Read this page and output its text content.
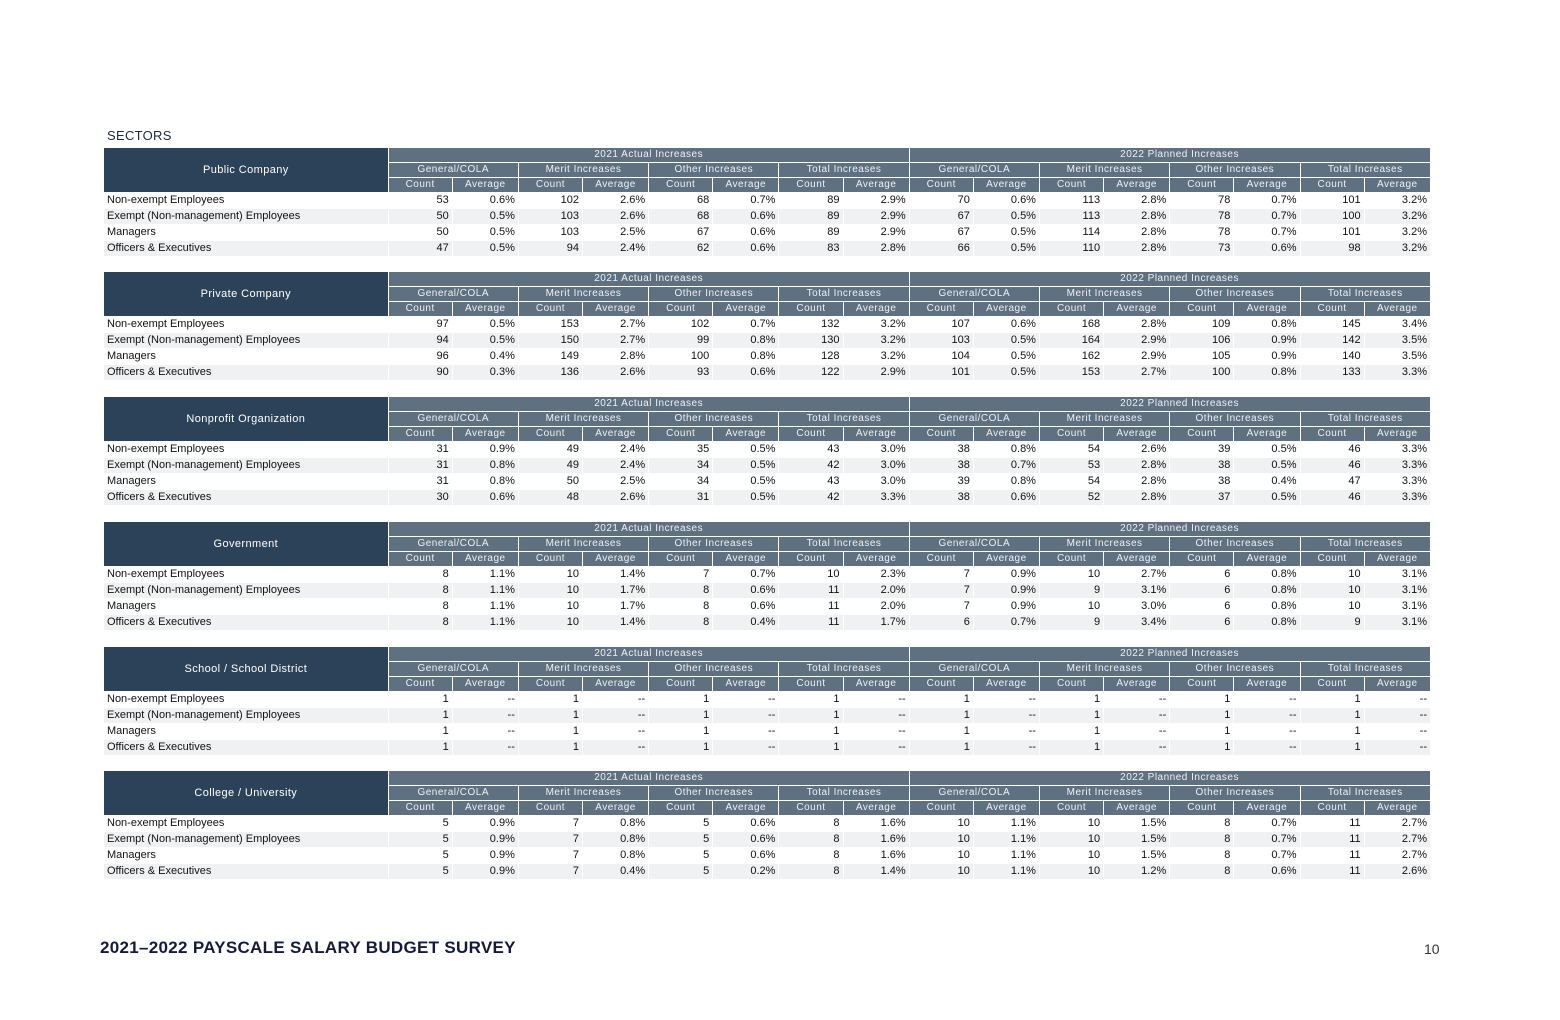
SECTORS
Public Company	2021 Actual Increases								2022 Planned Increases							
	General/COLA		Merit Increases		Other Increases		Total Increases		General/COLA		Merit Increases		Other Increases		Total Increases	
	Count	Average	Count	Average	Count	Average	Count	Average	Count	Average	Count	Average	Count	Average	Count	Average
Non-exempt Employees	53	0.6%	102	2.6%	68	0.7%	89	2.9%	70	0.6%	113	2.8%	78	0.7%	101	3.2%
Exempt (Non-management) Employees	50	0.5%	103	2.6%	68	0.6%	89	2.9%	67	0.5%	113	2.8%	78	0.7%	100	3.2%
Managers	50	0.5%	103	2.5%	67	0.6%	89	2.9%	67	0.5%	114	2.8%	78	0.7%	101	3.2%
Officers & Executives	47	0.5%	94	2.4%	62	0.6%	83	2.8%	66	0.5%	110	2.8%	73	0.6%	98	3.2%
Private Company	2021 Actual Increases								2022 Planned Increases							
	General/COLA		Merit Increases		Other Increases		Total Increases		General/COLA		Merit Increases		Other Increases		Total Increases	
	Count	Average	Count	Average	Count	Average	Count	Average	Count	Average	Count	Average	Count	Average	Count	Average
Non-exempt Employees	97	0.5%	153	2.7%	102	0.7%	132	3.2%	107	0.6%	168	2.8%	109	0.8%	145	3.4%
Exempt (Non-management) Employees	94	0.5%	150	2.7%	99	0.8%	130	3.2%	103	0.5%	164	2.9%	106	0.9%	142	3.5%
Managers	96	0.4%	149	2.8%	100	0.8%	128	3.2%	104	0.5%	162	2.9%	105	0.9%	140	3.5%
Officers & Executives	90	0.3%	136	2.6%	93	0.6%	122	2.9%	101	0.5%	153	2.7%	100	0.8%	133	3.3%
Nonprofit Organization	2021 Actual Increases								2022 Planned Increases							
	General/COLA		Merit Increases		Other Increases		Total Increases		General/COLA		Merit Increases		Other Increases		Total Increases	
	Count	Average	Count	Average	Count	Average	Count	Average	Count	Average	Count	Average	Count	Average	Count	Average
Non-exempt Employees	31	0.9%	49	2.4%	35	0.5%	43	3.0%	38	0.8%	54	2.6%	39	0.5%	46	3.3%
Exempt (Non-management) Employees	31	0.8%	49	2.4%	34	0.5%	42	3.0%	38	0.7%	53	2.8%	38	0.5%	46	3.3%
Managers	31	0.8%	50	2.5%	34	0.5%	43	3.0%	39	0.8%	54	2.8%	38	0.4%	47	3.3%
Officers & Executives	30	0.6%	48	2.6%	31	0.5%	42	3.3%	38	0.6%	52	2.8%	37	0.5%	46	3.3%
Government	2021 Actual Increases								2022 Planned Increases							
	General/COLA		Merit Increases		Other Increases		Total Increases		General/COLA		Merit Increases		Other Increases		Total Increases	
	Count	Average	Count	Average	Count	Average	Count	Average	Count	Average	Count	Average	Count	Average	Count	Average
Non-exempt Employees	8	1.1%	10	1.4%	7	0.7%	10	2.3%	7	0.9%	10	2.7%	6	0.8%	10	3.1%
Exempt (Non-management) Employees	8	1.1%	10	1.7%	8	0.6%	11	2.0%	7	0.9%	9	3.1%	6	0.8%	10	3.1%
Managers	8	1.1%	10	1.7%	8	0.6%	11	2.0%	7	0.9%	10	3.0%	6	0.8%	10	3.1%
Officers & Executives	8	1.1%	10	1.4%	8	0.4%	11	1.7%	6	0.7%	9	3.4%	6	0.8%	9	3.1%
School / School District	2021 Actual Increases								2022 Planned Increases							
	General/COLA		Merit Increases		Other Increases		Total Increases		General/COLA		Merit Increases		Other Increases		Total Increases	
	Count	Average	Count	Average	Count	Average	Count	Average	Count	Average	Count	Average	Count	Average	Count	Average
Non-exempt Employees	1	--	1	--	1	--	1	--	1	--	1	--	1	--	1	--
Exempt (Non-management) Employees	1	--	1	--	1	--	1	--	1	--	1	--	1	--	1	--
Managers	1	--	1	--	1	--	1	--	1	--	1	--	1	--	1	--
Officers & Executives	1	--	1	--	1	--	1	--	1	--	1	--	1	--	1	--
College / University	2021 Actual Increases								2022 Planned Increases							
	General/COLA		Merit Increases		Other Increases		Total Increases		General/COLA		Merit Increases		Other Increases		Total Increases	
	Count	Average	Count	Average	Count	Average	Count	Average	Count	Average	Count	Average	Count	Average	Count	Average
Non-exempt Employees	5	0.9%	7	0.8%	5	0.6%	8	1.6%	10	1.1%	10	1.5%	8	0.7%	11	2.7%
Exempt (Non-management) Employees	5	0.9%	7	0.8%	5	0.6%	8	1.6%	10	1.1%	10	1.5%	8	0.7%	11	2.7%
Managers	5	0.9%	7	0.8%	5	0.6%	8	1.6%	10	1.1%	10	1.5%	8	0.7%	11	2.7%
Officers & Executives	5	0.9%	7	0.4%	5	0.2%	8	1.4%	10	1.1%	10	1.2%	8	0.6%	11	2.6%
2021–2022 PAYSCALE SALARY BUDGET SURVEY	10
